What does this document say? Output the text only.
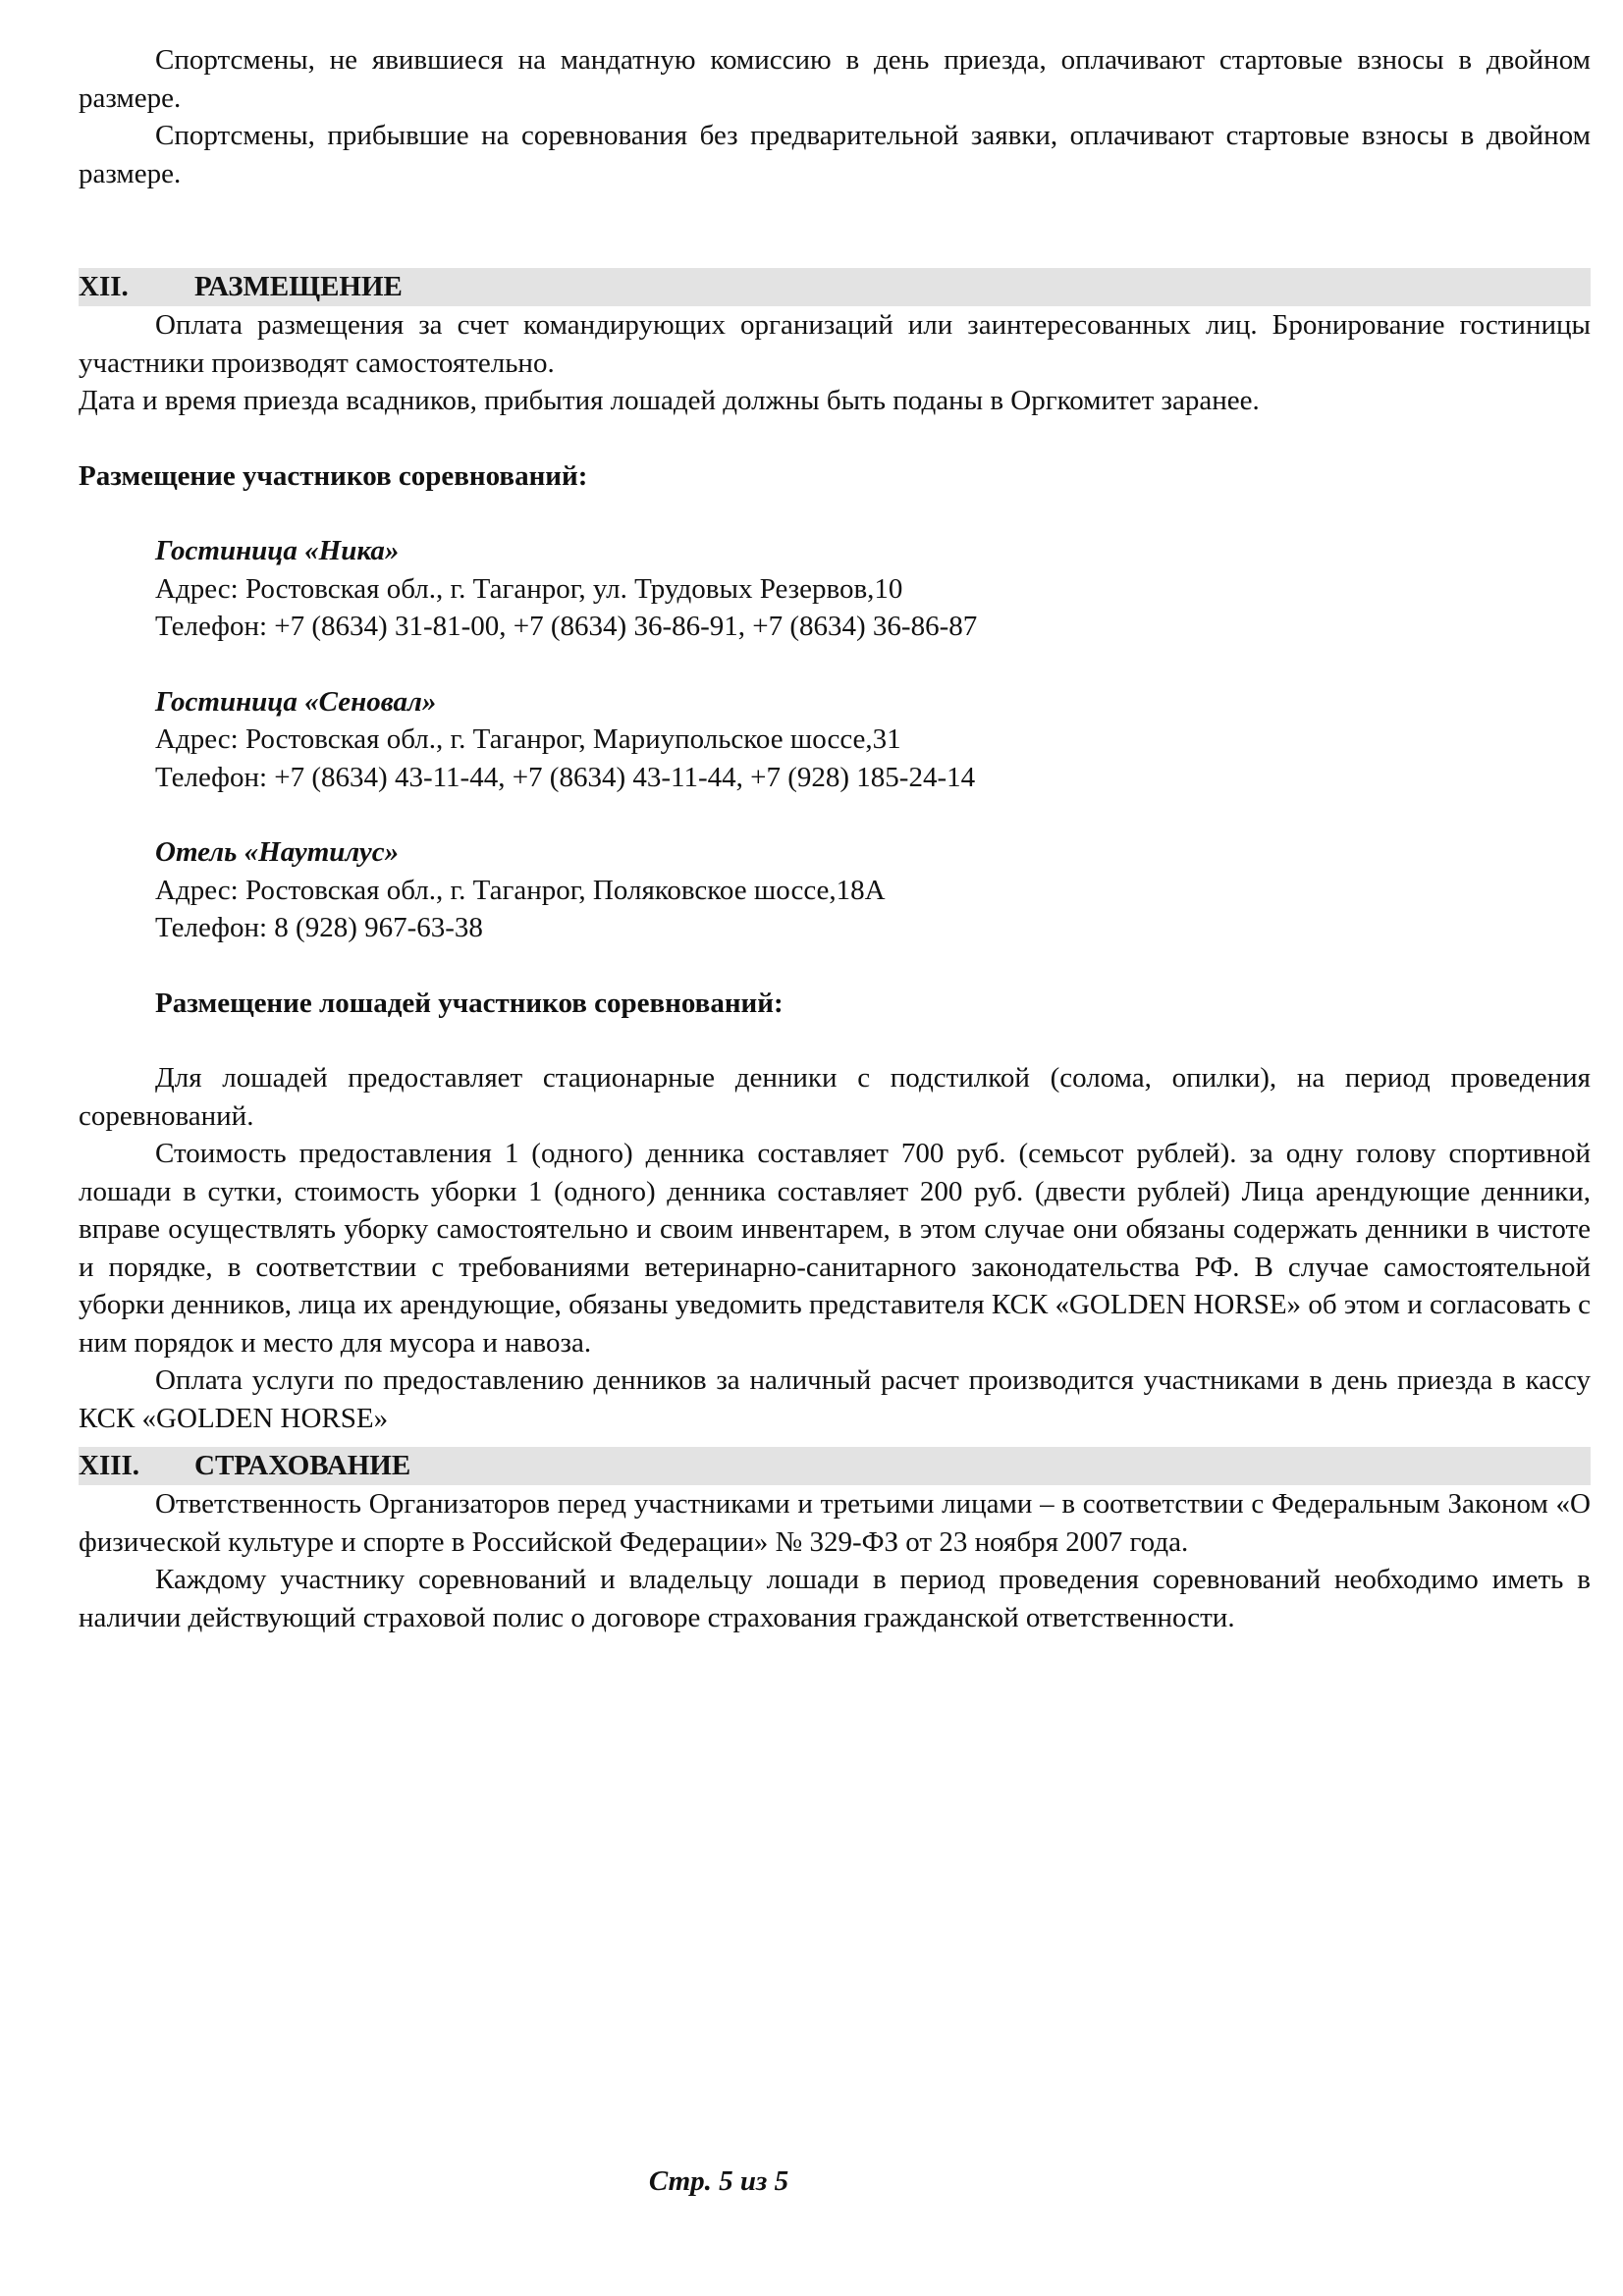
Спортсмены, не явившиеся на мандатную комиссию в день приезда, оплачивают стартовые взносы в двойном размере.

Спортсмены, прибывшие на соревнования без предварительной заявки, оплачивают стартовые взносы в двойном размере.

XII.	РАЗМЕЩЕНИЕ

Оплата размещения за счет командирующих организаций или заинтересованных лиц. Бронирование гостиницы участники производят самостоятельно.

Дата и время приезда всадников, прибытия лошадей должны быть поданы в Оргкомитет заранее.

Размещение участников соревнований:

Гостиница «Ника»
Адрес: Ростовская обл., г. Таганрог, ул. Трудовых Резервов,10
Телефон: +7 (8634) 31-81-00, +7 (8634) 36-86-91, +7 (8634) 36-86-87
Гостиница «Сеновал»
Адрес: Ростовская обл., г. Таганрог, Мариупольское шоссе,31
Телефон: +7 (8634) 43-11-44, +7 (8634) 43-11-44, +7 (928) 185-24-14
Отель «Наутилус»
Адрес: Ростовская обл., г. Таганрог, Поляковское шоссе,18А
Телефон: 8 (928) 967-63-38
Размещение лошадей участников соревнований:

Для лошадей предоставляет стационарные денники с подстилкой (солома, опилки), на период проведения соревнований.

Стоимость предоставления 1 (одного) денника составляет 700 руб. (семьсот рублей). за одну голову спортивной лошади в сутки, стоимость уборки 1 (одного) денника составляет 200 руб. (двести рублей) Лица арендующие денники, вправе осуществлять уборку самостоятельно и своим инвентарем, в этом случае они обязаны содержать денники в чистоте и порядке, в соответствии с требованиями ветеринарно-санитарного законодательства РФ. В случае самостоятельной уборки денников, лица их арендующие, обязаны уведомить представителя КСК «GOLDEN HORSE» об этом и согласовать с ним порядок и место для мусора и навоза.

Оплата услуги по предоставлению денников за наличный расчет производится участниками в день приезда в кассу КСК «GOLDEN HORSE»

XIII.	СТРАХОВАНИЕ

Ответственность Организаторов перед участниками и третьими лицами – в соответствии с Федеральным Законом «О физической культуре и спорте в Российской Федерации» № 329-ФЗ от 23 ноября 2007 года.

Каждому участнику соревнований и владельцу лошади в период проведения соревнований необходимо иметь в наличии действующий страховой полис о договоре страхования гражданской ответственности.

Стр. 5 из 5
